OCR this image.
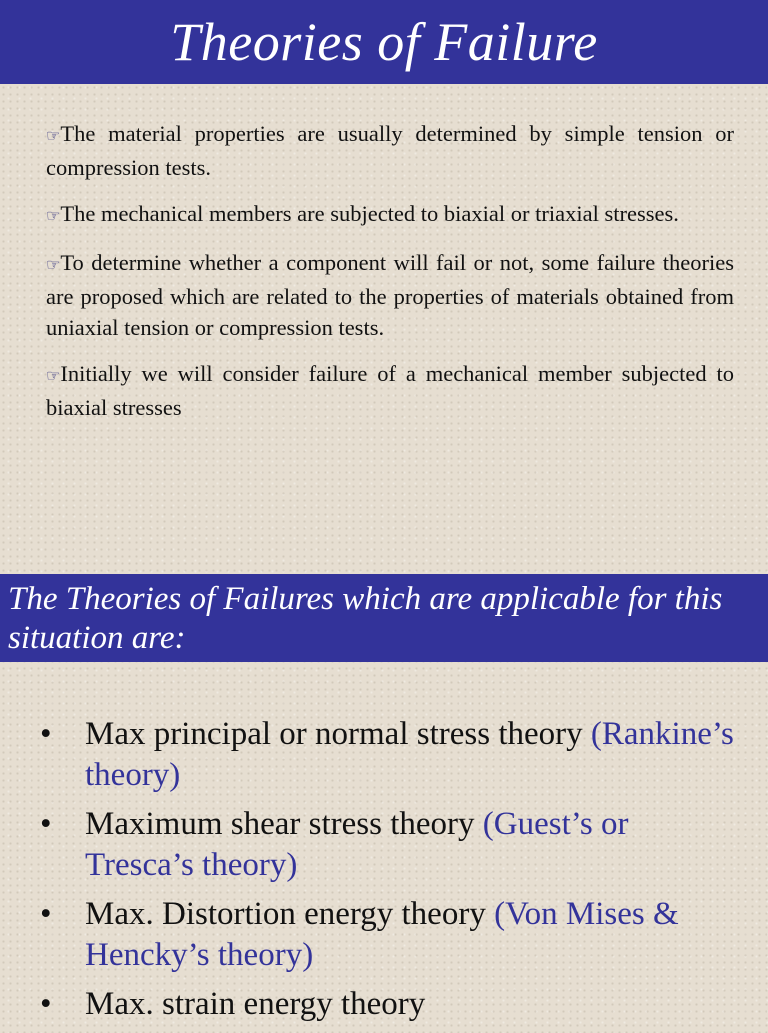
Theories of Failure

☞The material properties are usually determined by simple tension or compression tests.

☞The mechanical members are subjected to biaxial or triaxial stresses.

☞To determine whether a component will fail or not, some failure theories are proposed which are related to the properties of materials obtained from uniaxial tension or compression tests.

☞Initially we will consider failure of a mechanical member subjected to biaxial stresses

The Theories of Failures which are applicable for this situation are:
•	Max principal or normal stress theory (Rankine’s theory)
•	Maximum shear stress theory (Guest’s or Tresca’s theory)
•	Max. Distortion energy theory (Von Mises & Hencky’s theory)
•	Max. strain energy theory
